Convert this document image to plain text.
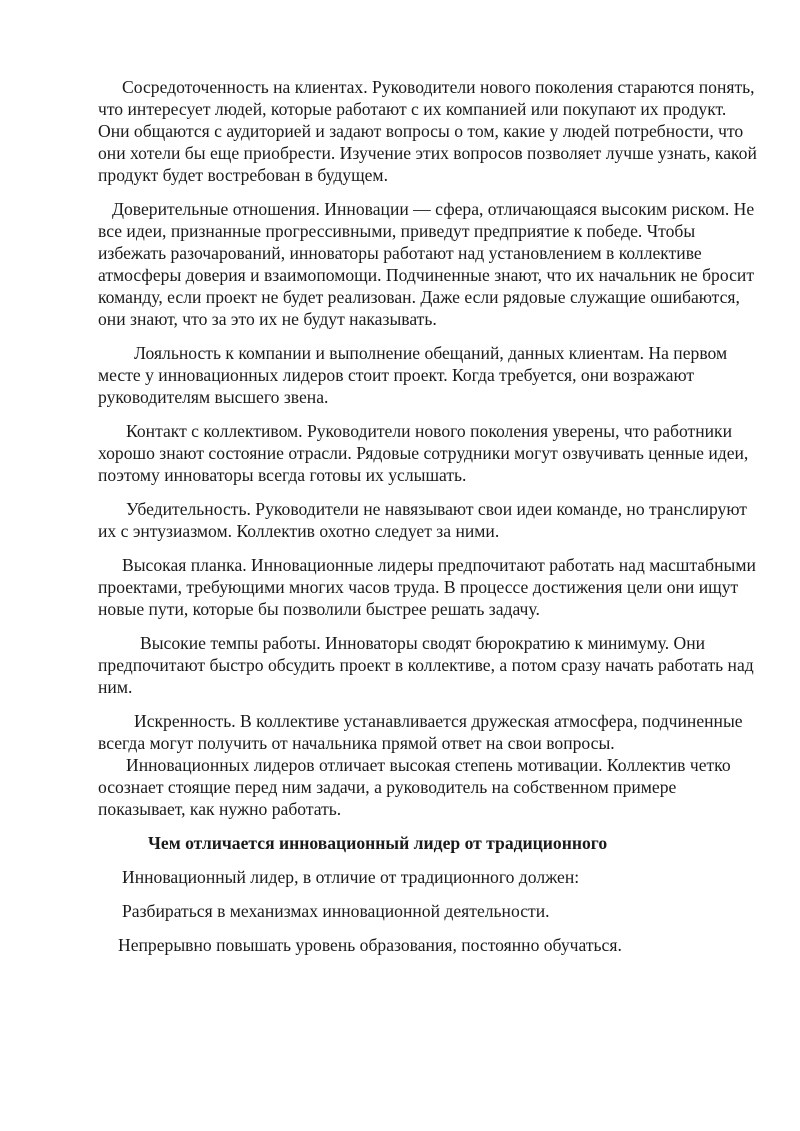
Сосредоточенность на клиентах. Руководители нового поколения стараются понять, что интересует людей, которые работают с их компанией или покупают их продукт. Они общаются с аудиторией и задают вопросы о том, какие у людей потребности, что они хотели бы еще приобрести. Изучение этих вопросов позволяет лучше узнать, какой продукт будет востребован в будущем.

Доверительные отношения. Инновации — сфера, отличающаяся высоким риском. Не все идеи, признанные прогрессивными, приведут предприятие к победе. Чтобы избежать разочарований, инноваторы работают над установлением в коллективе атмосферы доверия и взаимопомощи. Подчиненные знают, что их начальник не бросит команду, если проект не будет реализован. Даже если рядовые служащие ошибаются, они знают, что за это их не будут наказывать.

Лояльность к компании и выполнение обещаний, данных клиентам. На первом месте у инновационных лидеров стоит проект. Когда требуется, они возражают руководителям высшего звена.

Контакт с коллективом. Руководители нового поколения уверены, что работники хорошо знают состояние отрасли. Рядовые сотрудники могут озвучивать ценные идеи, поэтому инноваторы всегда готовы их услышать.

Убедительность. Руководители не навязывают свои идеи команде, но транслируют их с энтузиазмом. Коллектив охотно следует за ними.

Высокая планка. Инновационные лидеры предпочитают работать над масштабными проектами, требующими многих часов труда. В процессе достижения цели они ищут новые пути, которые бы позволили быстрее решать задачу.

Высокие темпы работы. Инноваторы сводят бюрократию к минимуму. Они предпочитают быстро обсудить проект в коллективе, а потом сразу начать работать над ним.

Искренность. В коллективе устанавливается дружеская атмосфера, подчиненные всегда могут получить от начальника прямой ответ на свои вопросы.

Инновационных лидеров отличает высокая степень мотивации. Коллектив четко осознает стоящие перед ним задачи, а руководитель на собственном примере показывает, как нужно работать.

Чем отличается инновационный лидер от традиционного

Инновационный лидер, в отличие от традиционного должен:

Разбираться в механизмах инновационной деятельности.

Непрерывно повышать уровень образования, постоянно обучаться.
